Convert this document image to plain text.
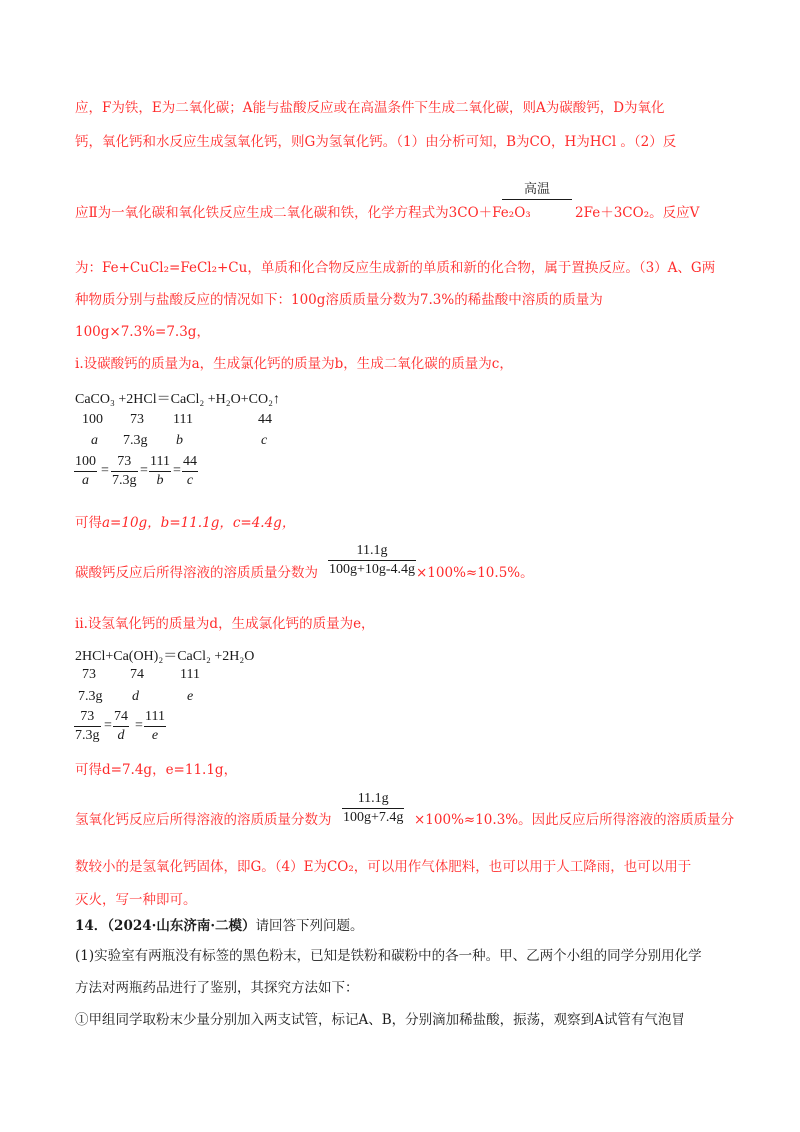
应，F为铁，E为二氧化碳；A能与盐酸反应或在高温条件下生成二氧化碳，则A为碳酸钙，D为氧化
钙，氧化钙和水反应生成氢氧化钙，则G为氢氧化钙。（1）由分析可知，B为CO，H为HCl 。（2）反
高温
应Ⅱ为一氧化碳和氧化铁反应生成二氧化碳和铁，化学方程式为3CO＋Fe₂O₃	2Fe＋3CO₂。反应Ⅴ
为：Fe+CuCl₂=FeCl₂+Cu，单质和化合物反应生成新的单质和新的化合物，属于置换反应。（3）A、G两
种物质分别与盐酸反应的情况如下：100g溶质质量分数为7.3%的稀盐酸中溶质的质量为
100g×7.3%=7.3g，
ⅰ.设碳酸钙的质量为a，生成氯化钙的质量为b，生成二氧化碳的质量为c，
CaCO₃ +2HCl＝CaCl₂ +H₂O+CO₂↑
100 73 111	44
a 7.3g b	c
$\frac{100}{a} = \frac{73}{7.3g} = \frac{111}{b} = \frac{44}{c}$
可得a=10g，b=11.1g，c=4.4g，
$\frac{11.1g}{100g+10g-4.4g}$
碳酸钙反应后所得溶液的溶质质量分数为	×100%≈10.5%。
ⅱ.设氢氧化钙的质量为d，生成氯化钙的质量为e，
2HCl+Ca(OH)₂＝CaCl₂ +2H₂O
73 74	111
7.3g d	e
$\frac{73}{7.3g} = \frac{74}{d} = \frac{111}{e}$
可得d=7.4g，e=11.1g，
$\frac{11.1g}{100g+7.4g}$
氢氧化钙反应后所得溶液的溶质质量分数为	×100%≈10.3%。因此反应后所得溶液的溶质质量分
数较小的是氢氧化钙固体，即G。（4）E为CO₂，可以用作气体肥料，也可以用于人工降雨，也可以用于
灭火，写一种即可。
14．（2024·山东济南·二模）请回答下列问题。
(1)实验室有两瓶没有标签的黑色粉末，已知是铁粉和碳粉中的各一种。甲、乙两个小组的同学分别用化学
方法对两瓶药品进行了鉴别，其探究方法如下：
①甲组同学取粉末少量分别加入两支试管，标记A、B，分别滴加稀盐酸，振荡，观察到A试管有气泡冒
